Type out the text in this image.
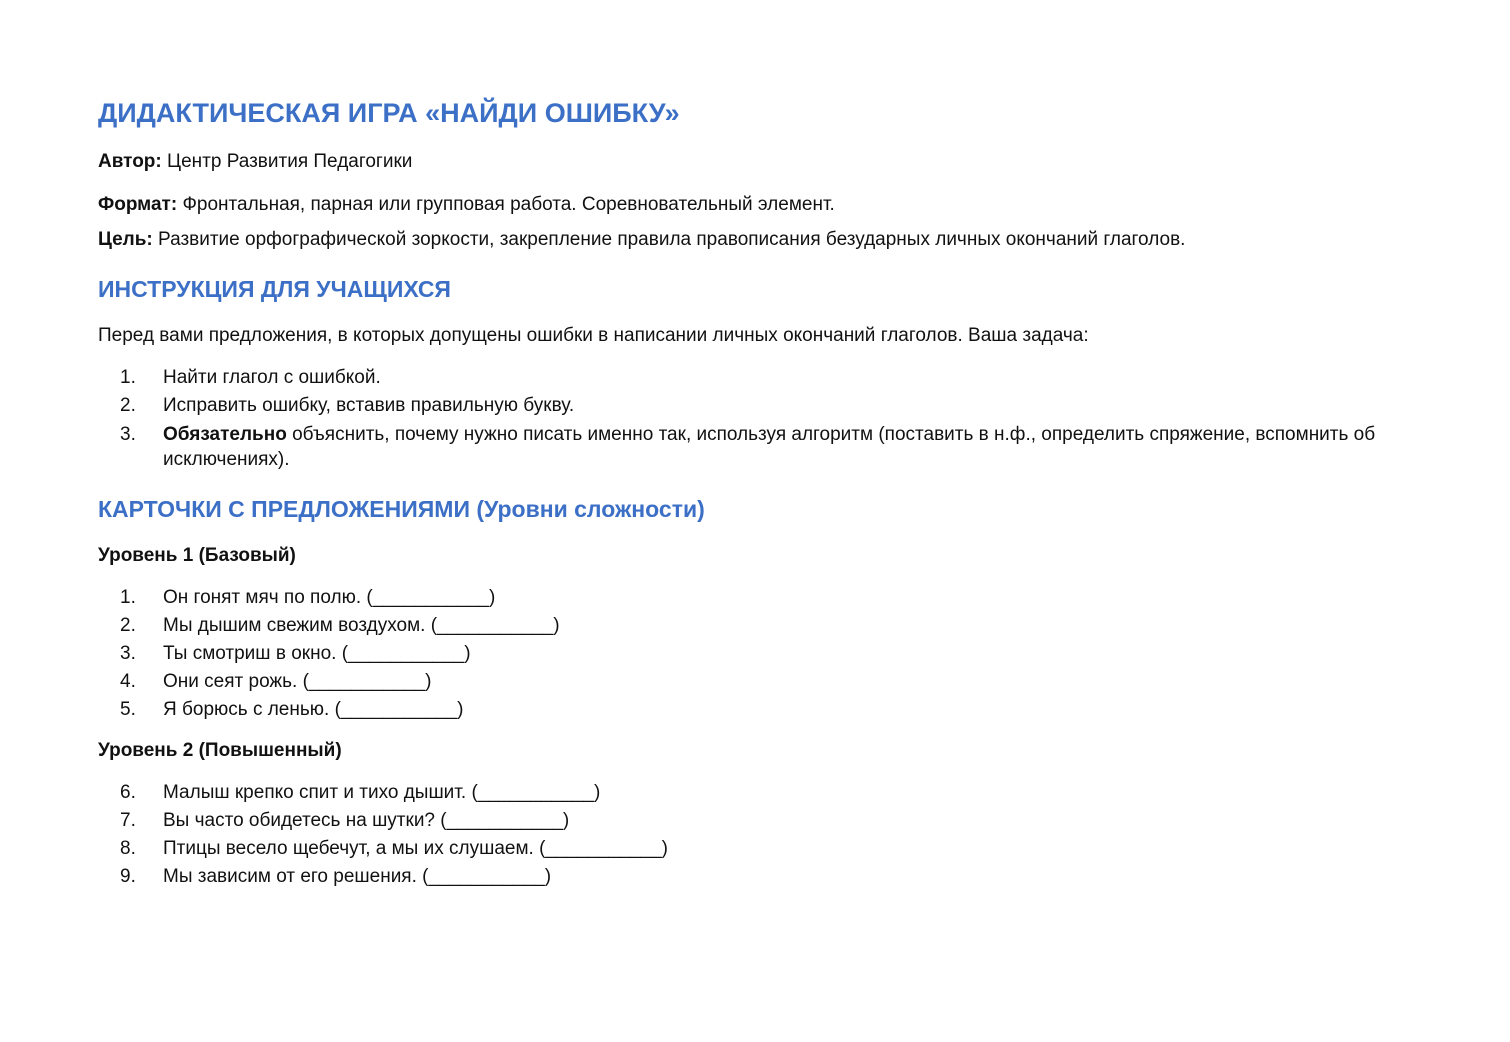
ДИДАКТИЧЕСКАЯ ИГРА «НАЙДИ ОШИБКУ»

Автор: Центр Развития Педагогики

Формат: Фронтальная, парная или групповая работа. Соревновательный элемент.

Цель: Развитие орфографической зоркости, закрепление правила правописания безударных личных окончаний глаголов.

ИНСТРУКЦИЯ ДЛЯ УЧАЩИХСЯ

Перед вами предложения, в которых допущены ошибки в написании личных окончаний глаголов. Ваша задача:

1. Найти глагол с ошибкой.
2. Исправить ошибку, вставив правильную букву.
3. Обязательно объяснить, почему нужно писать именно так, используя алгоритм (поставить в н.ф., определить спряжение, вспомнить об исключениях).
КАРТОЧКИ С ПРЕДЛОЖЕНИЯМИ (Уровни сложности)
Уровень 1 (Базовый)
1. Он гонят мяч по полю. (___________)
2. Мы дышим свежим воздухом. (___________)
3. Ты смотриш в окно. (___________)
4. Они сеят рожь. (___________)
5. Я борюсь с ленью. (___________)
Уровень 2 (Повышенный)
6. Малыш крепко спит и тихо дышит. (___________)
7. Вы часто обидетесь на шутки? (___________)
8. Птицы весело щебечут, а мы их слушаем. (___________)
9. Мы зависим от его решения. (___________)
